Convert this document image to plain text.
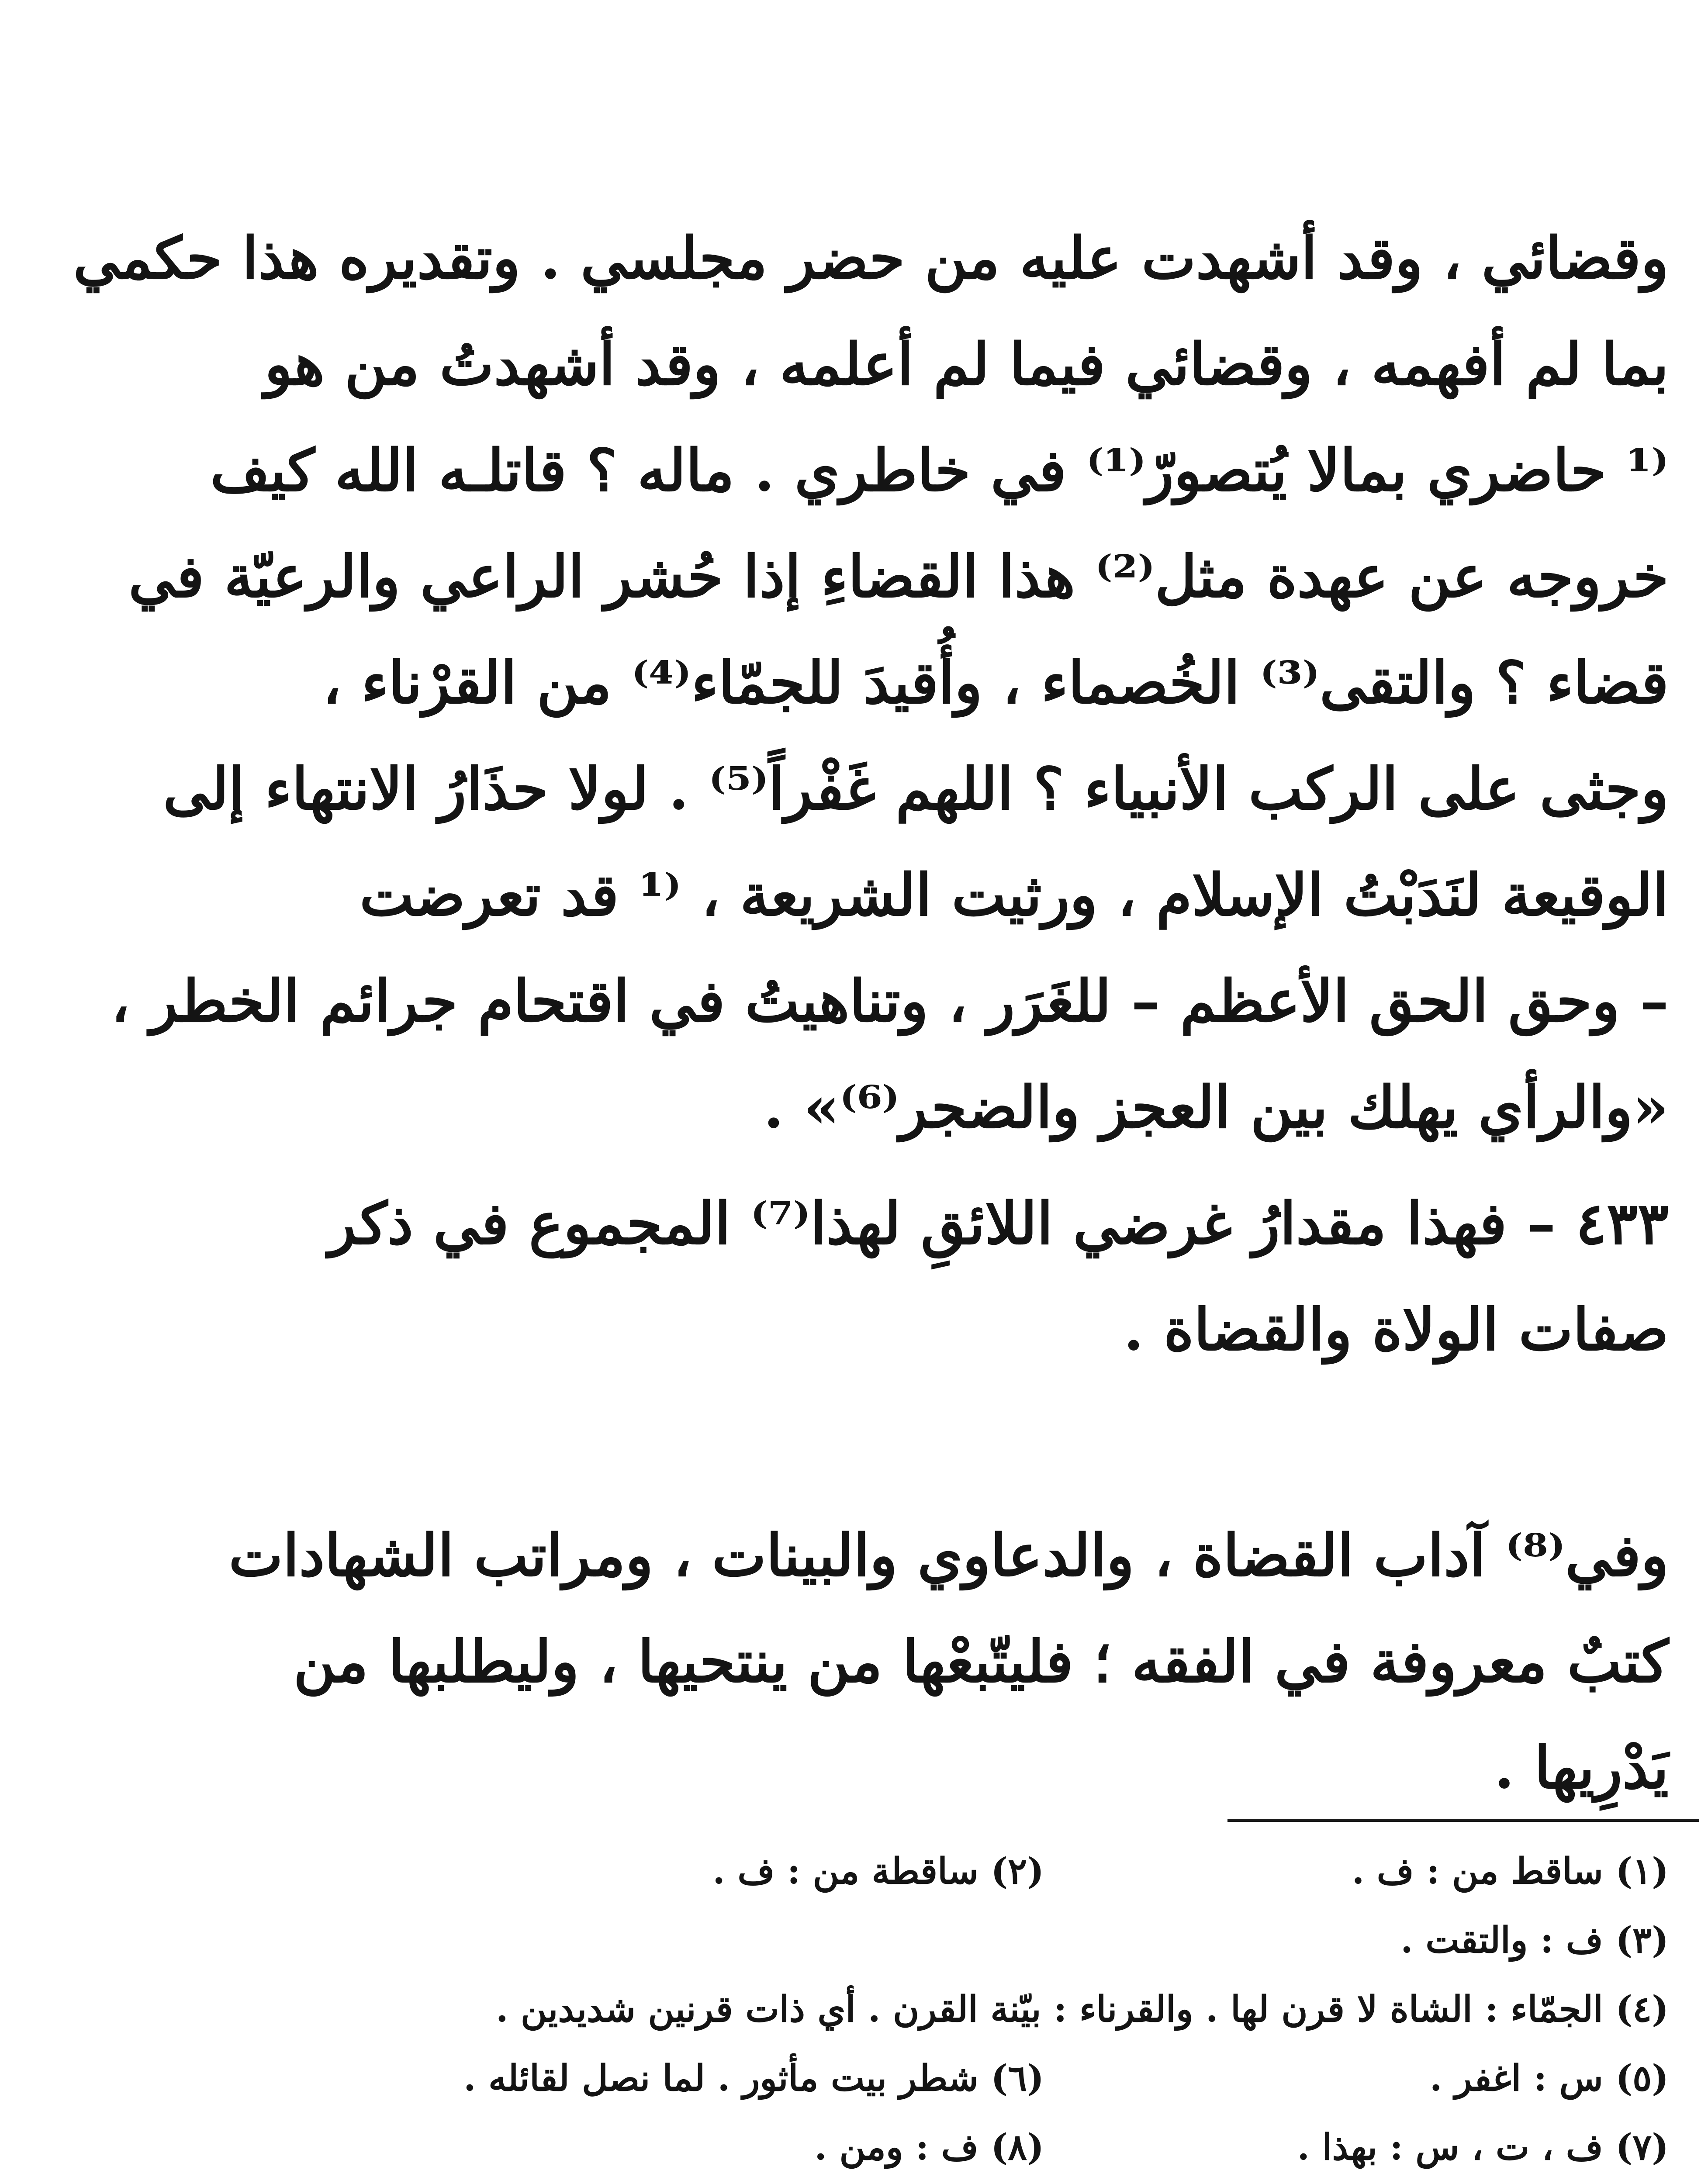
وقضائي ، وقد أشهدت عليه من حضر مجلسي . وتقديره هذا حكمي
بما لم أفهمه ، وقضائي فيما لم أعلمه ، وقد أشهدتُ من هو
⁽¹ حاضري بمالا يُتصورّ⁽¹⁾ في خاطري . ماله ؟ قاتلـه الله كيف
خروجه عن عهدة مثل⁽²⁾ هذا القضاءِ إذا حُشر الراعي والرعيّة في
قضاء ؟ والتقى⁽³⁾ الخُصماء ، وأُقيدَ للجمّاء⁽⁴⁾ من القرْناء ،
وجثى على الركب الأنبياء ؟ اللهم غَفْراً⁽⁵⁾ . لولا حذَارُ الانتهاء إلى
الوقيعة لنَدَبْتُ الإسلام ، ورثيت الشريعة ، ⁽¹ قد تعرضت
– وحق الحق الأعظم – للغَرَر ، وتناهيتُ في اقتحام جرائم الخطر ،
«والرأي يهلك بين العجز والضجر⁽⁶⁾» .
٤٣٣ – فهذا مقدارُ غرضي اللائقِ لهذا⁽⁷⁾ المجموع في ذكر
صفات الولاة والقضاة .
وفي⁽⁸⁾ آداب القضاة ، والدعاوي والبينات ، ومراتب الشهادات
كتبٌ معروفة في الفقه ؛ فليتّبعْها من ينتحيها ، وليطلبها من
يَدْرِيها .
(١) ساقط من : ف .
(٢) ساقطة من : ف .
(٣) ف : والتقت .
(٤) الجمّاء : الشاة لا قرن لها . والقرناء : بيّنة القرن . أي ذات قرنين شديدين .
(٥) س : اغفر .
(٦) شطر بيت مأثور . لما نصل لقائله .
(٧) ف ، ت ، س : بهذا .
(٨) ف : ومن .
